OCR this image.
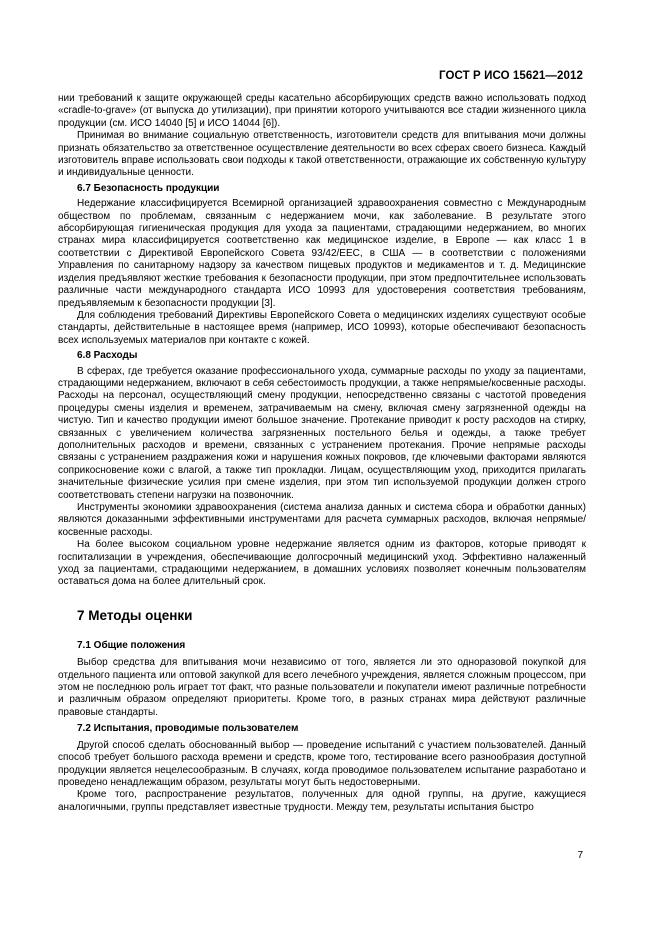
ГОСТ Р ИСО 15621—2012

нии требований к защите окружающей среды касательно абсорбирующих средств важно использовать подход «cradle-to-grave» (от выпуска до утилизации), при принятии которого учитываются все стадии жизненного цикла продукции (см. ИСО 14040 [5] и ИСО 14044 [6]).

Принимая во внимание социальную ответственность, изготовители средств для впитывания мочи должны признать обязательство за ответственное осуществление деятельности во всех сферах своего бизнеса. Каждый изготовитель вправе использовать свои подходы к такой ответственности, отражающие их собственную культуру и индивидуальные ценности.

6.7 Безопасность продукции

Недержание классифицируется Всемирной организацией здравоохранения совместно с Международным обществом по проблемам, связанным с недержанием мочи, как заболевание. В результате этого абсорбирующая гигиеническая продукция для ухода за пациентами, страдающими недержанием, во многих странах мира классифицируется соответственно как медицинское изделие, в Европе — как класс 1 в соответствии с Директивой Европейского Совета 93/42/ЕЕС, в США — в соответствии с положениями Управления по санитарному надзору за качеством пищевых продуктов и медикаментов и т. д. Медицинские изделия предъявляют жесткие требования к безопасности продукции, при этом предпочтительнее использовать различные части международного стандарта ИСО 10993 для удостоверения соответствия требованиям, предъявляемым к безопасности продукции [3].

Для соблюдения требований Директивы Европейского Совета о медицинских изделиях существуют особые стандарты, действительные в настоящее время (например, ИСО 10993), которые обеспечивают безопасность всех используемых материалов при контакте с кожей.

6.8 Расходы

В сферах, где требуется оказание профессионального ухода, суммарные расходы по уходу за пациентами, страдающими недержанием, включают в себя себестоимость продукции, а также непрямые/косвенные расходы. Расходы на персонал, осуществляющий смену продукции, непосредственно связаны с частотой проведения процедуры смены изделия и временем, затрачиваемым на смену, включая смену загрязненной одежды на чистую. Тип и качество продукции имеют большое значение. Протекание приводит к росту расходов на стирку, связанных с увеличением количества загрязненных постельного белья и одежды, а также требует дополнительных расходов и времени, связанных с устранением протекания. Прочие непрямые расходы связаны с устранением раздражения кожи и нарушения кожных покровов, где ключевыми факторами являются соприкосновение кожи с влагой, а также тип прокладки. Лицам, осуществляющим уход, приходится прилагать значительные физические усилия при смене изделия, при этом тип используемой продукции должен строго соответствовать степени нагрузки на позвоночник.

Инструменты экономики здравоохранения (система анализа данных и система сбора и обработки данных) являются доказанными эффективными инструментами для расчета суммарных расходов, включая непрямые/косвенные расходы.

На более высоком социальном уровне недержание является одним из факторов, которые приводят к госпитализации в учреждения, обеспечивающие долгосрочный медицинский уход. Эффективно налаженный уход за пациентами, страдающими недержанием, в домашних условиях позволяет конечным пользователям оставаться дома на более длительный срок.

7 Методы оценки
7.1 Общие положения

Выбор средства для впитывания мочи независимо от того, является ли это одноразовой покупкой для отдельного пациента или оптовой закупкой для всего лечебного учреждения, является сложным процессом, при этом не последнюю роль играет тот факт, что разные пользователи и покупатели имеют различные потребности и различным образом определяют приоритеты. Кроме того, в разных странах мира действуют различные правовые стандарты.

7.2 Испытания, проводимые пользователем

Другой способ сделать обоснованный выбор — проведение испытаний с участием пользователей. Данный способ требует большого расхода времени и средств, кроме того, тестирование всего разнообразия доступной продукции является нецелесообразным. В случаях, когда проводимое пользователем испытание разработано и проведено ненадлежащим образом, результаты могут быть недостоверными.

Кроме того, распространение результатов, полученных для одной группы, на другие, кажущиеся аналогичными, группы представляет известные трудности. Между тем, результаты испытания быстро

7
